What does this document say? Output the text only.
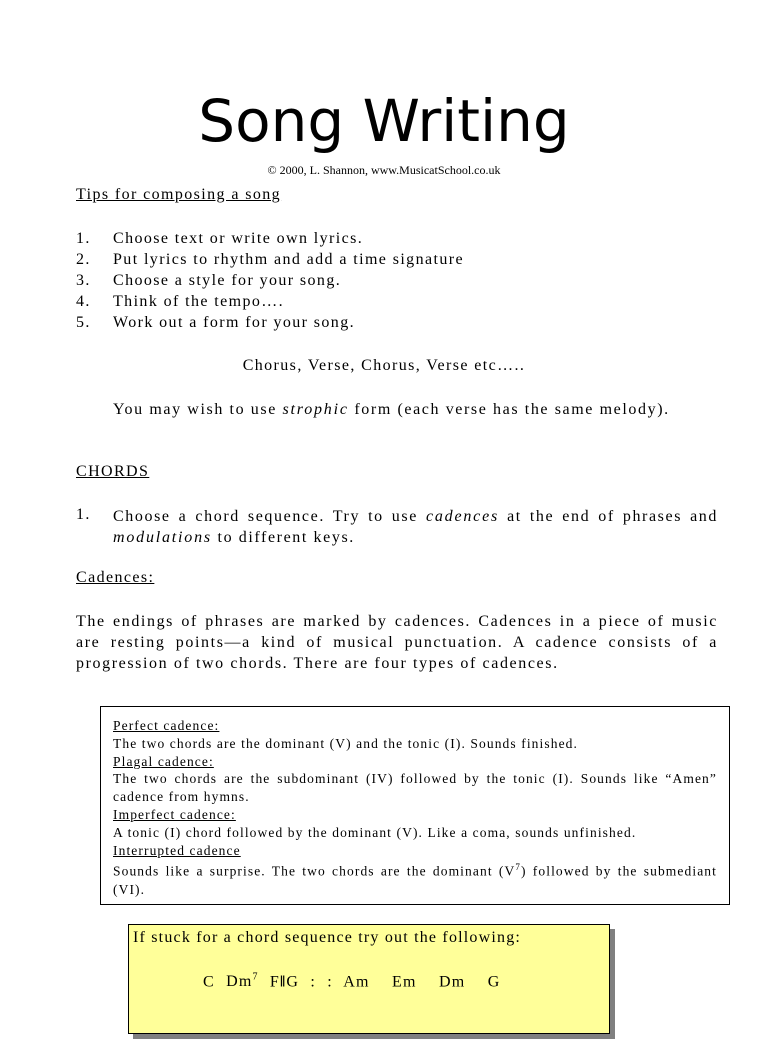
Song Writing
© 2000, L. Shannon, www.MusicatSchool.co.uk
Tips for composing a song
1. Choose text or write own lyrics.
2. Put lyrics to rhythm and add a time signature
3. Choose a style for your song.
4. Think of the tempo….
5. Work out a form for your song.
Chorus, Verse, Chorus, Verse etc…..
You may wish to use strophic form (each verse has the same melody).
CHORDS
1. Choose a chord sequence. Try to use cadences at the end of phrases and modulations to different keys.
Cadences:
The endings of phrases are marked by cadences. Cadences in a piece of music are resting points—a kind of musical punctuation. A cadence consists of a progression of two chords. There are four types of cadences.
Perfect cadence:
The two chords are the dominant (V) and the tonic (I). Sounds finished.
Plagal cadence:
The two chords are the subdominant (IV) followed by the tonic (I). Sounds like “Amen” cadence from hymns.
Imperfect cadence:
A tonic (I) chord followed by the dominant (V). Like a coma, sounds unfinished.
Interrupted cadence
Sounds like a surprise. The two chords are the dominant $(V^7)$ followed by the submediant (VI).
If stuck for a chord sequence try out the following:
C Dm$^7$ F‖G : : Am  Em  Dm  G
